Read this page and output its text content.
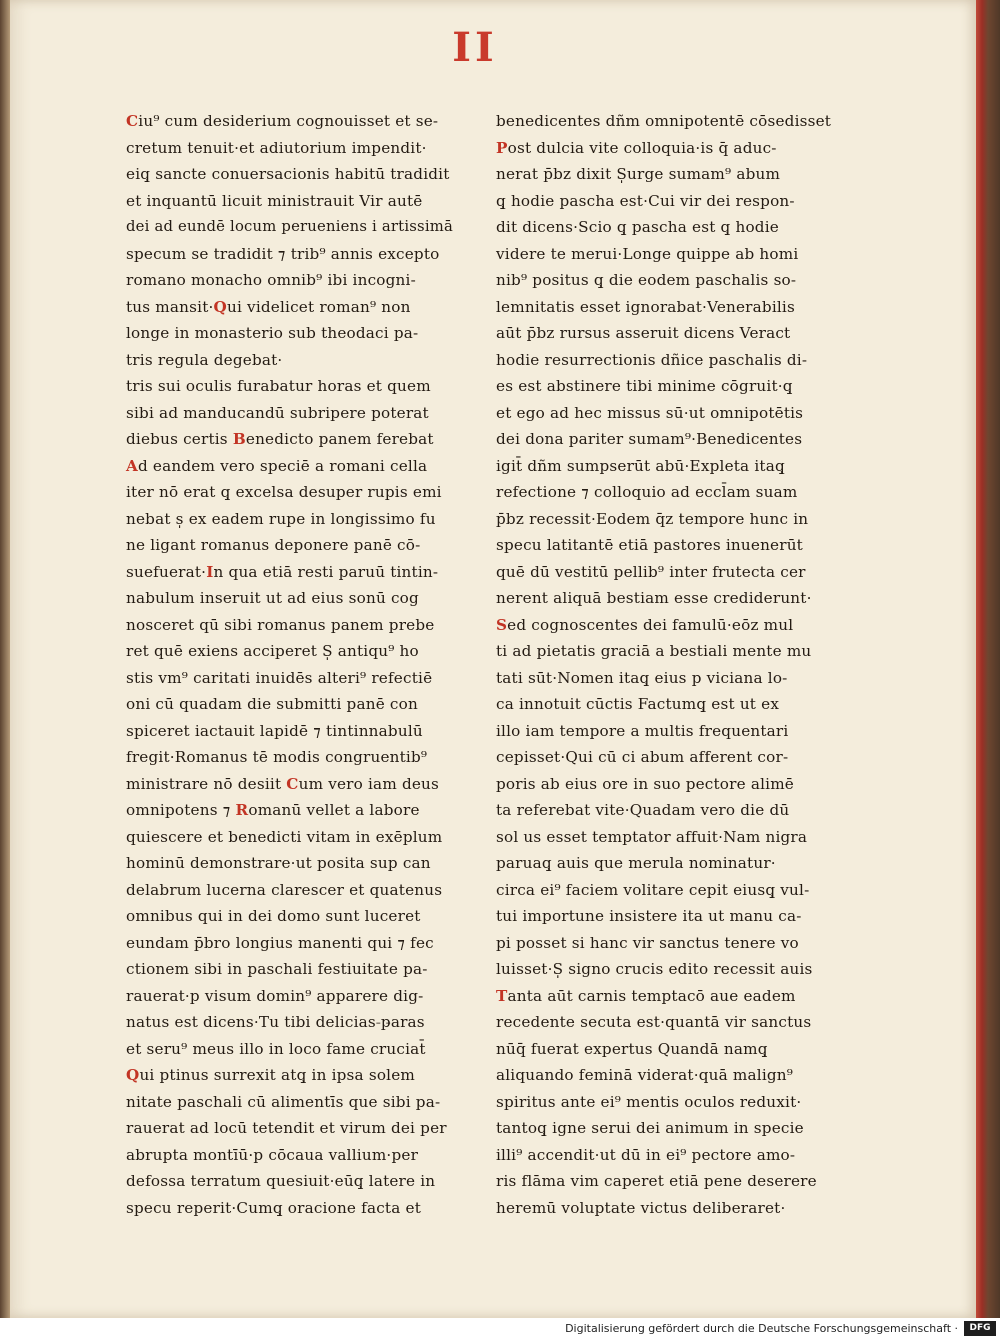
II
Ciu⁹ cum desiderium cognouisset et se-
cretum tenuit·et adiutorium impendit·
eiq̧ sancte conuersacionis habitū tradidit
et inquantū licuit ministrauit Vir autē
dei ad eundē locum perueniens i artissimā
specum se tradidit ⁊ trib⁹ annis excepto
romano monacho omnib⁹ ibi incogni-
tus mansit·Qui videlicet roman⁹ non
longe in monasterio sub theodaci pa-
tris regula degebat·
tris sui oculis furabatur horas et quem
sibi ad manducandū subripere poterat
diebus certis Benedicto panem ferebat
Ad eandem vero speciē a romani cella
iter nō erat q̧ excelsa desuper rupis emi
nebat s̩ ex eadem rupe in longissimo fu
ne ligant romanus deponere panē cō-
suefuerat·In qua etiā resti paruū tintin-
nabulum inseruit ut ad eius sonū cog
nosceret qū sibi romanus panem prebe
ret quē exiens acciperet S̩ antiqu⁹ ho
stis vm⁹ caritati inuidēs alteri⁹ refectiē
oni cū quadam die submitti panē con
spiceret iactauit lapidē ⁊ tintinnabulū
fregit·Romanus tē modis congruentib⁹
ministrare nō desiit Cum vero iam deus
omnipotens ⁊ Romanū vellet a labore
quiescere et benedicti vitam in exēplum
hominū demonstrare·ut posita sup can
delabrum lucerna clarescer et quatenus
omnibus qui in dei domo sunt luceret
eundam p̄bro longius manenti qui ⁊ fec
ctionem sibi in paschali festiuitate pa-
rauerat·p visum domin⁹ apparere dig-
natus est dicens·Tu tibi delicias ̵p̵aras
et seru⁹ meus illo in loco fame cruciat̄
Qui ptinus surrexit atq̧ in ipsa solem
nitate paschali cū alimentīs que sibi pa-
rauerat ad locū tetendit et virum dei per
abrupta montīū·p cōcaua vallium·per
defossa terratum quesiuit·eūq̧ latere in
specu reperit·Cumq̧ oracione facta et
benedicentes dñm omnipotentē cōsedisset
Post dulcia vite colloquia·is q̄ aduc-
nerat p̄bz dixit S̩urge sumam⁹ abum
q̧ hodie pascha est·Cui vir dei respon-
dit dicens·Scio q̧ pascha est q̧ hodie
videre te merui·Longe quippe ab homi
nib⁹ positus q̧ die eodem paschalis so-
lemnitatis esset ignorabat·Venerabilis
aūt p̄bz rursus asseruit dicens Veract
hodie resurrectionis dñice paschalis di-
es est abstinere tibi minime cōgruit·q̧
et ego ad hec missus sū·ut omnipotētis
dei dona pariter sumam⁹·Benedicentes
igit̄ dñm sumpserūt abū·Expleta itaq̧
refectione ⁊ colloquio ad eccl̄am suam
p̄bz recessit·Eodem q̄z tempore hunc in
specu latitantē etiā pastores inuenerūt
quē dū vestitū pellib⁹ inter frutecta cer
nerent aliquā bestiam esse crediderunt·
Sed cognoscentes dei famulū·eōz mul
ti ad pietatis graciā a bestiali mente mu
tati sūt·Nomen itaq̧ eius p viciana lo-
ca innotuit cūctis Factumq̧ est ut ex
illo iam tempore a multis frequentari
cepisset·Qui cū ci abum afferent cor-
poris ab eius ore in suo pectore alimē
ta referebat vite·Quadam vero die dū
sol us esset temptator affuit·Nam nigra
paruaq̧ auis que merula nominatur·
circa ei⁹ faciem volitare cepit eiusq̧ vul-
tui importune insistere ita ut manu ca-
pi posset si hanc vir sanctus tenere vo
luisset·S̩ signo crucis edito recessit auis
Tanta aūt carnis temptacō aue eadem
recedente secuta est·quantā vir sanctus
nūq̄ fuerat expertus Quandā namq̧
aliquando feminā viderat·quā malign⁹
spiritus ante ei⁹ mentis oculos reduxit·
tantoq̧ igne serui dei animum in specie
illi⁹ accendit·ut dū in ei⁹ pectore amo-
ris flāma vim caperet etiā pene deserere
heremū voluptate victus deliberaret·
Digitalisierung gefördert durch die Deutsche Forschungsgemeinschaft ·	DFG
